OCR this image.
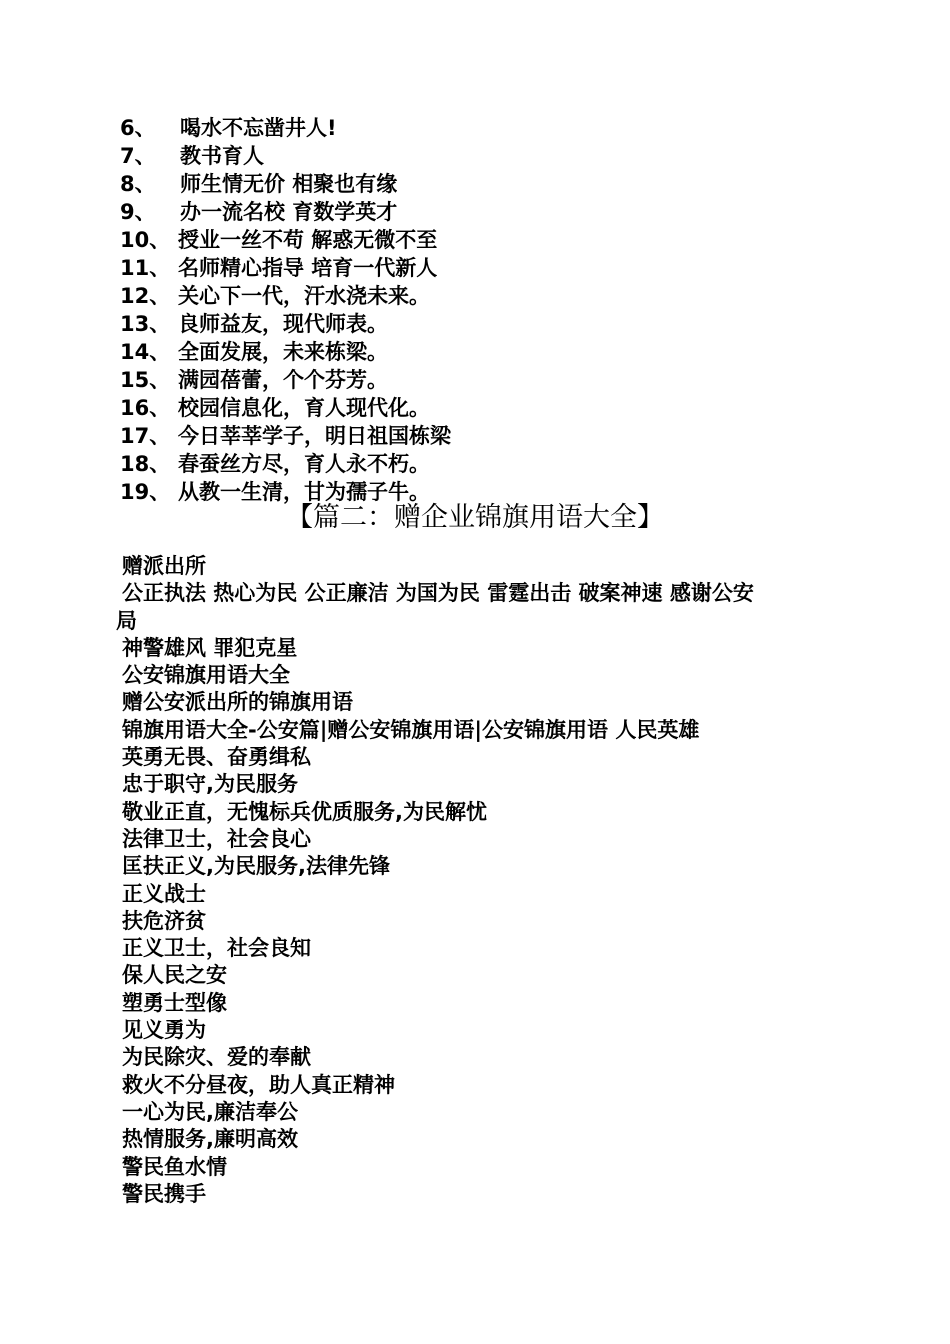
6、 喝水不忘凿井人!
7、 教书育人
8、 师生情无价 相聚也有缘
9、 办一流名校 育数学英才
10、 授业一丝不苟 解惑无微不至
11、 名师精心指导 培育一代新人
12、 关心下一代，汗水浇未来。
13、 良师益友，现代师表。
14、 全面发展，未来栋梁。
15、 满园蓓蕾，个个芬芳。
16、 校园信息化，育人现代化。
17、 今日莘莘学子，明日祖国栋梁
18、 春蚕丝方尽，育人永不朽。
19、 从教一生清，甘为孺子牛。
【篇二：赠企业锦旗用语大全】
赠派出所
公正执法 热心为民 公正廉洁 为国为民 雷霆出击 破案神速 感谢公安
局
神警雄风 罪犯克星
公安锦旗用语大全
赠公安派出所的锦旗用语
锦旗用语大全-公安篇|赠公安锦旗用语|公安锦旗用语 人民英雄
英勇无畏、奋勇缉私
忠于职守,为民服务
敬业正直，无愧标兵优质服务,为民解忧
法律卫士，社会良心
匡扶正义,为民服务,法律先锋
正义战士
扶危济贫
正义卫士，社会良知
保人民之安
塑勇士型像
见义勇为
为民除灾、爱的奉献
救火不分昼夜，助人真正精神
一心为民,廉洁奉公
热情服务,廉明高效
警民鱼水情
警民携手
